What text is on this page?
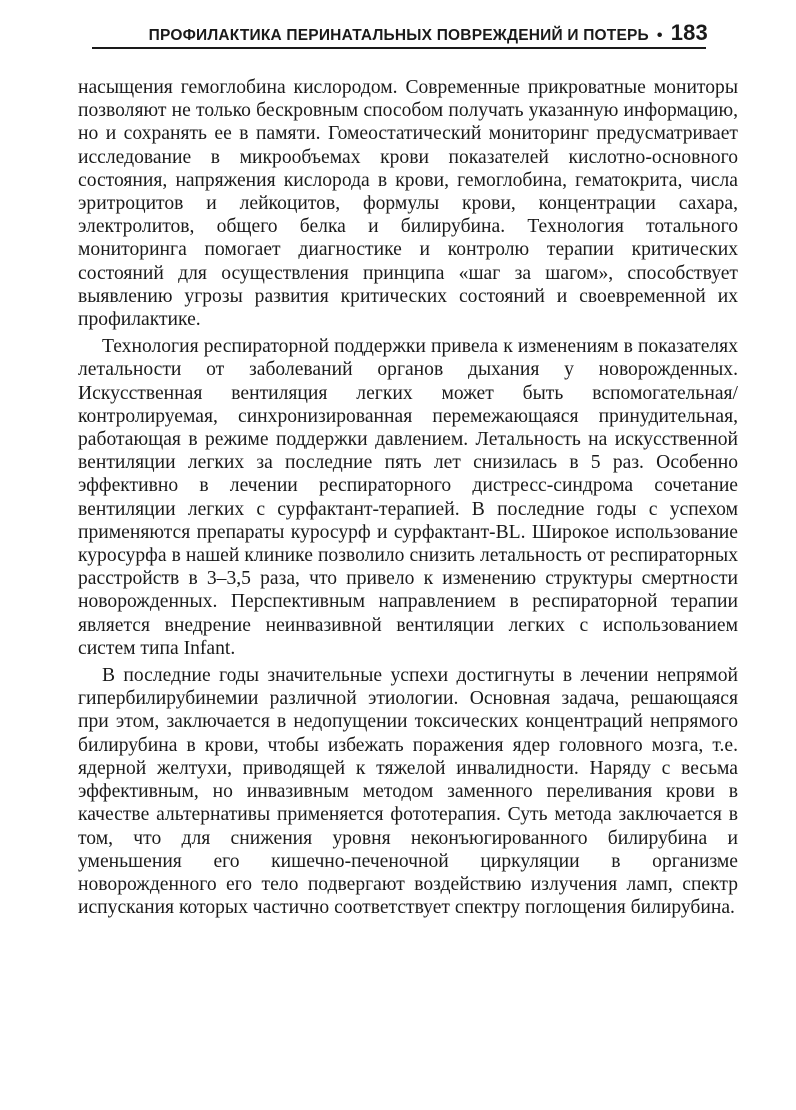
ПРОФИЛАКТИКА ПЕРИНАТАЛЬНЫХ ПОВРЕЖДЕНИЙ И ПОТЕРЬ • 183

насыщения гемоглобина кислородом. Современные прикроватные мониторы позволяют не только бескровным способом получать указанную информацию, но и сохранять ее в памяти. Гомеостатический мониторинг предусматривает исследование в микрообъемах крови показателей кислотно-основного состояния, напряжения кислорода в крови, гемоглобина, гематокрита, числа эритроцитов и лейкоцитов, формулы крови, концентрации сахара, электролитов, общего белка и билирубина. Технология тотального мониторинга помогает диагностике и контролю терапии критических состояний для осуществления принципа «шаг за шагом», способствует выявлению угрозы развития критических состояний и своевременной их профилактике.

Технология респираторной поддержки привела к изменениям в показателях летальности от заболеваний органов дыхания у новорожденных. Искусственная вентиляция легких может быть вспомогательная/контролируемая, синхронизированная перемежающаяся принудительная, работающая в режиме поддержки давлением. Летальность на искусственной вентиляции легких за последние пять лет снизилась в 5 раз. Особенно эффективно в лечении респираторного дистресс-синдрома сочетание вентиляции легких с сурфактант-терапией. В последние годы с успехом применяются препараты куросурф и сурфактант-BL. Широкое использование куросурфа в нашей клинике позволило снизить летальность от респираторных расстройств в 3–3,5 раза, что привело к изменению структуры смертности новорожденных. Перспективным направлением в респираторной терапии является внедрение неинвазивной вентиляции легких с использованием систем типа Infant.

В последние годы значительные успехи достигнуты в лечении непрямой гипербилирубинемии различной этиологии. Основная задача, решающаяся при этом, заключается в недопущении токсических концентраций непрямого билирубина в крови, чтобы избежать поражения ядер головного мозга, т.е. ядерной желтухи, приводящей к тяжелой инвалидности. Наряду с весьма эффективным, но инвазивным методом заменного переливания крови в качестве альтернативы применяется фототерапия. Суть метода заключается в том, что для снижения уровня неконъюгированного билирубина и уменьшения его кишечно-печеночной циркуляции в организме новорожденного его тело подвергают воздействию излучения ламп, спектр испускания которых частично соответствует спектру поглощения билирубина.
